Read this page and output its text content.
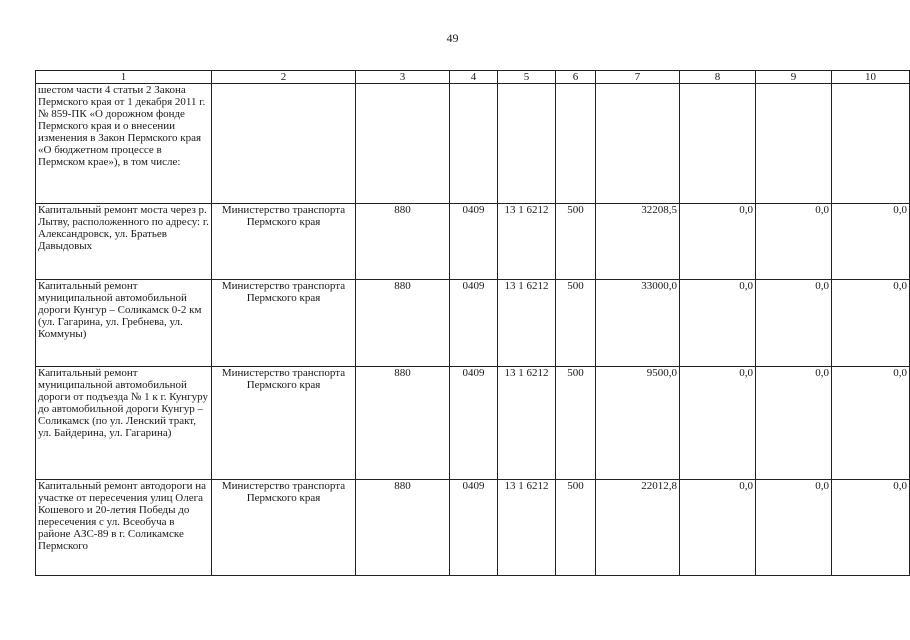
49
1	2	3	4	5	6	7	8	9	10
шестом части 4 статьи 2 Закона Пермского края от 1 декабря 2011 г. № 859-ПК «О дорожном фонде Пермского края и о внесении изменения в Закон Пермского края «О бюджетном процессе в Пермском крае»), в том числе:									
Капитальный ремонт моста через р. Лытву, расположенного по адресу: г. Александровск, ул. Братьев Давыдовых	Министерство транспорта Пермского края	880	0409	13 1 6212	500	32208,5	0,0	0,0	0,0
Капитальный ремонт муниципальной автомобильной дороги Кунгур – Соликамск 0-2 км (ул. Гагарина, ул. Гребнева, ул. Коммуны)	Министерство транспорта Пермского края	880	0409	13 1 6212	500	33000,0	0,0	0,0	0,0
Капитальный ремонт муниципальной автомобильной дороги от подъезда № 1 к г. Кунгуру до автомобильной дороги Кунгур – Соликамск (по ул. Ленский тракт, ул. Байдерина, ул. Гагарина)	Министерство транспорта Пермского края	880	0409	13 1 6212	500	9500,0	0,0	0,0	0,0
Капитальный ремонт автодороги на участке от пересечения улиц Олега Кошевого и 20-летия Победы до пересечения с ул. Всеобуча в районе АЗС-89 в г. Соликамске Пермского	Министерство транспорта Пермского края	880	0409	13 1 6212	500	22012,8	0,0	0,0	0,0
